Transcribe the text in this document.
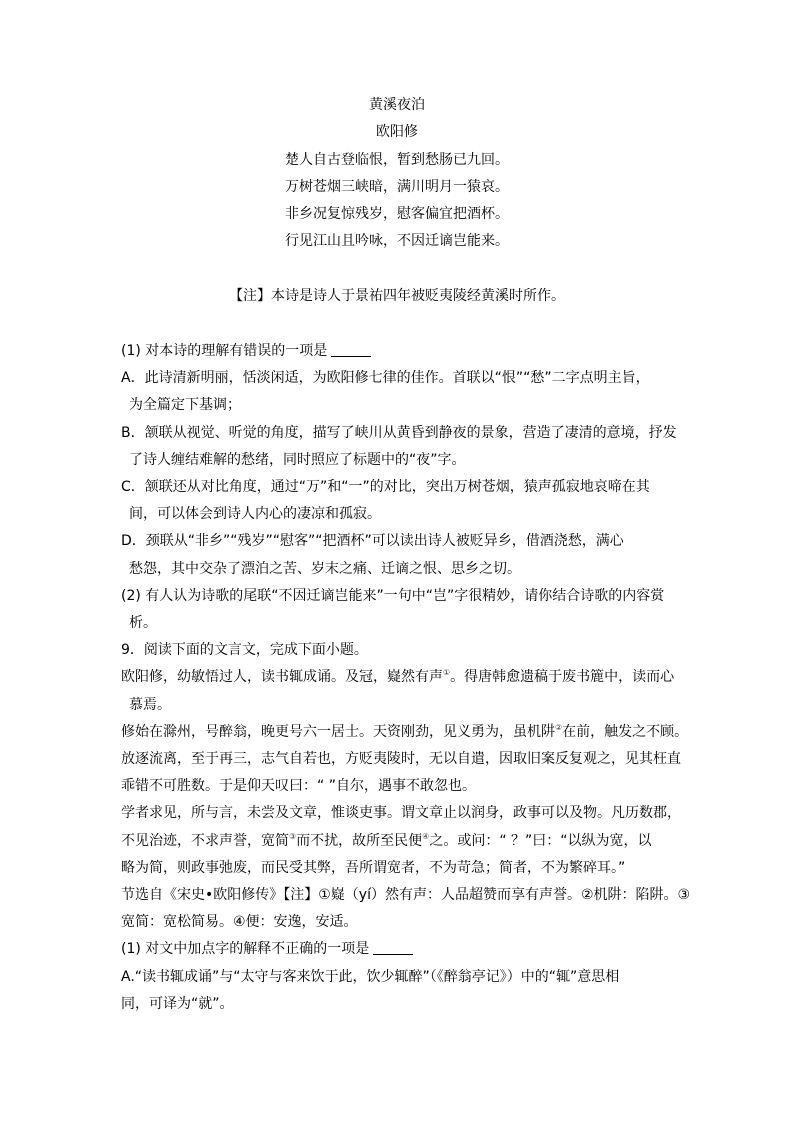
黄溪夜泊
欧阳修
楚人自古登临恨，暂到愁肠已九回。
万树苍烟三峡暗，满川明月一猿哀。
非乡况复惊残岁，慰客偏宜把酒杯。
行见江山且吟咏，不因迁谪岂能来。
【注】本诗是诗人于景祐四年被贬夷陵经黄溪时所作。
(1) 对本诗的理解有错误的一项是
A．此诗清新明丽，恬淡闲适，为欧阳修七律的佳作。首联以“恨”“愁”二字点明主旨，
为全篇定下基调；
B．颔联从视觉、听觉的角度，描写了峡川从黄昏到静夜的景象，营造了凄清的意境，抒发
了诗人缠结难解的愁绪，同时照应了标题中的“夜”字。
C．颔联还从对比角度，通过“万”和“一”的对比，突出万树苍烟，猿声孤寂地哀啼在其
间，可以体会到诗人内心的凄凉和孤寂。
D．颈联从“非乡”“残岁”“慰客”“把酒杯”可以读出诗人被贬异乡，借酒浇愁，满心
愁怨，其中交杂了漂泊之苦、岁末之痛、迁谪之恨、思乡之切。
(2) 有人认为诗歌的尾联“不因迁谪岂能来”一句中“岂”字很精妙，请你结合诗歌的内容赏
析。
9．阅读下面的文言文，完成下面小题。
欧阳修，幼敏悟过人，读书辄成诵。及冠，嶷然有声①。得唐韩愈遗稿于废书簏中，读而心
慕焉。
修始在滁州，号醉翁，晚更号六一居士。天资刚劲，见义勇为，虽机阱②在前，触发之不顾。
放逐流离，至于再三，志气自若也，方贬夷陵时，无以自遣，因取旧案反复观之，见其枉直
乖错不可胜数。于是仰天叹曰：“ ”自尔，遇事不敢忽也。
学者求见，所与言，未尝及文章，惟谈吏事。谓文章止以润身，政事可以及物。凡历数郡，
不见治迹，不求声誉，宽简③而不扰，故所至民便④之。或问：“ ？”曰：“以纵为宽，以
略为简，则政事弛废，而民受其弊，吾所谓宽者，不为苛急；简者，不为繁碎耳。”
节选自《宋史•欧阳修传》【注】①嶷（yí）然有声：人品超赞而享有声誉。②机阱：陷阱。③
宽简：宽松简易。④便：安逸，安适。
(1) 对文中加点字的解释不正确的一项是
A.“读书辄成诵”与“太守与客来饮于此，饮少辄醉”（《醉翁亭记》）中的“辄”意思相
同，可译为“就”。
